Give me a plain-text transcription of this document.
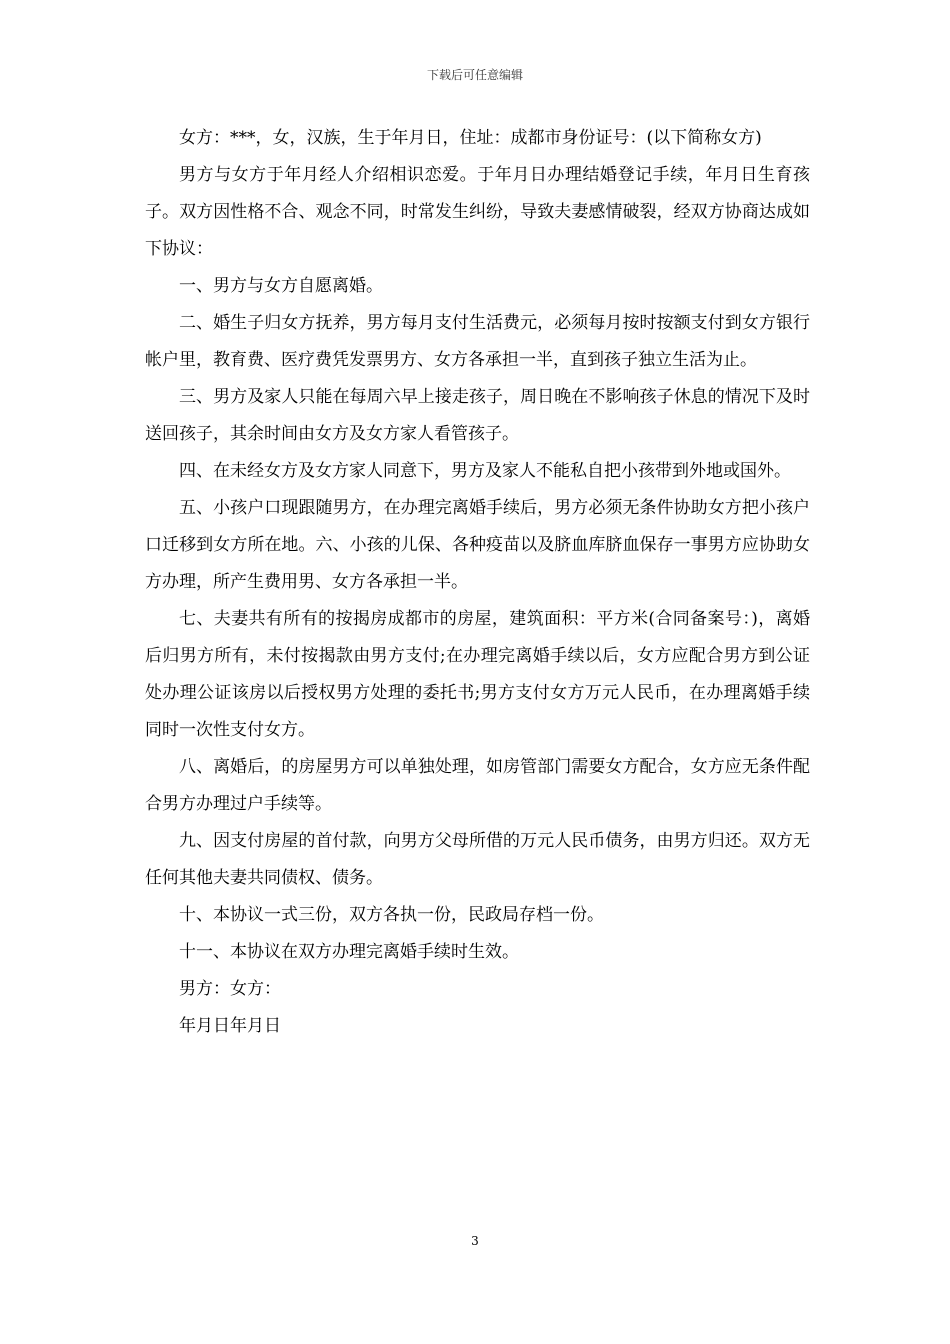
下载后可任意编辑

女方：***，女，汉族，生于年月日，住址：成都市身份证号：(以下简称女方)

男方与女方于年月经人介绍相识恋爱。于年月日办理结婚登记手续，年月日生育孩子。双方因性格不合、观念不同，时常发生纠纷，导致夫妻感情破裂，经双方协商达成如下协议：

一、男方与女方自愿离婚。

二、婚生子归女方抚养，男方每月支付生活费元，必须每月按时按额支付到女方银行帐户里，教育费、医疗费凭发票男方、女方各承担一半，直到孩子独立生活为止。

三、男方及家人只能在每周六早上接走孩子，周日晚在不影响孩子休息的情况下及时送回孩子，其余时间由女方及女方家人看管孩子。

四、在未经女方及女方家人同意下，男方及家人不能私自把小孩带到外地或国外。

五、小孩户口现跟随男方，在办理完离婚手续后，男方必须无条件协助女方把小孩户口迁移到女方所在地。六、小孩的儿保、各种疫苗以及脐血库脐血保存一事男方应协助女方办理，所产生费用男、女方各承担一半。

七、夫妻共有所有的按揭房成都市的房屋，建筑面积：平方米(合同备案号：)，离婚后归男方所有，未付按揭款由男方支付;在办理完离婚手续以后，女方应配合男方到公证处办理公证该房以后授权男方处理的委托书;男方支付女方万元人民币，在办理离婚手续同时一次性支付女方。

八、离婚后，的房屋男方可以单独处理，如房管部门需要女方配合，女方应无条件配合男方办理过户手续等。

九、因支付房屋的首付款，向男方父母所借的万元人民币债务，由男方归还。双方无任何其他夫妻共同债权、债务。

十、本协议一式三份，双方各执一份，民政局存档一份。

十一、本协议在双方办理完离婚手续时生效。

男方：女方：

年月日年月日

3
